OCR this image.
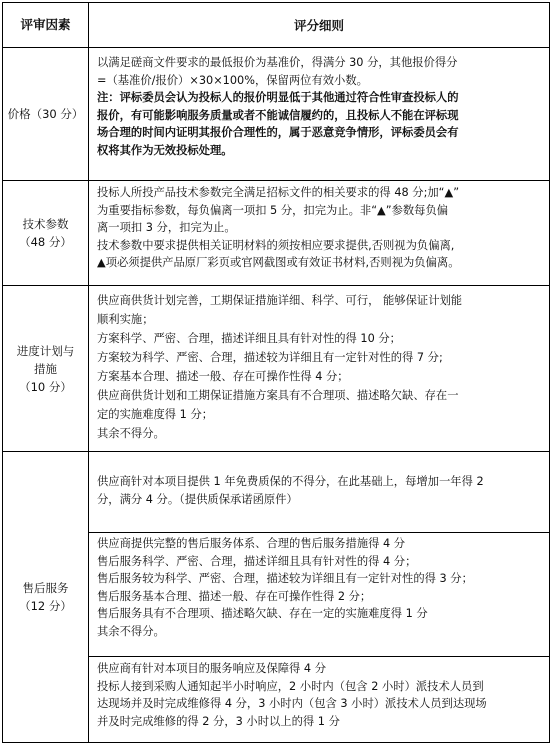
评审因素	评分细则
价格（30 分）

以满足磋商文件要求的最低报价为基准价，得满分 30 分，其他报价得分

=（基准价/报价）×30×100%，保留两位有效小数。

注：评标委员会认为投标人的报价明显低于其他通过符合性审查投标人的

报价，有可能影响服务质量或者不能诚信履约的，且投标人不能在评标现

场合理的时间内证明其报价合理性的，属于恶意竞争情形，评标委员会有

权将其作为无效投标处理。

技术参数
（48 分）

投标人所投产品技术参数完全满足招标文件的相关要求的得 48 分;加“▲”

为重要指标参数，每负偏离一项扣 5 分，扣完为止。非“▲”参数每负偏

离一项扣 3 分，扣完为止。

技术参数中要求提供相关证明材料的须按相应要求提供,否则视为负偏离,

▲项必须提供产品原厂彩页或官网截图或有效证书材料,否则视为负偏离。

进度计划与
措施
（10 分）

供应商供货计划完善，工期保证措施详细、科学、可行， 能够保证计划能

顺利实施；

方案科学、严密、合理，描述详细且具有针对性的得 10 分；

方案较为科学、严密、合理，描述较为详细且有一定针对性的得 7 分;

方案基本合理、描述一般、存在可操作性得 4 分；

供应商供货计划和工期保证措施方案具有不合理项、描述略欠缺、存在一

定的实施难度得 1 分；

其余不得分。

售后服务
（12 分）

供应商针对本项目提供 1 年免费质保的不得分，在此基础上，每增加一年得 2

分，满分 4 分。（提供质保承诺函原件）

供应商提供完整的售后服务体系、合理的售后服务措施得 4 分

售后服务科学、严密、合理，描述详细且具有针对性的得 4 分；

售后服务较为科学、严密、合理，描述较为详细且有一定针对性的得 3 分；

售后服务基本合理、描述一般、存在可操作性得 2 分；

售后服务具有不合理项、描述略欠缺、存在一定的实施难度得 1 分

其余不得分。

供应商有针对本项目的服务响应及保障得 4 分

投标人接到采购人通知起半小时响应，2 小时内（包含 2 小时）派技术人员到

达现场并及时完成维修得 4 分，3 小时内（包含 3 小时）派技术人员到达现场

并及时完成维修的得 2 分，3 小时以上的得 1 分
